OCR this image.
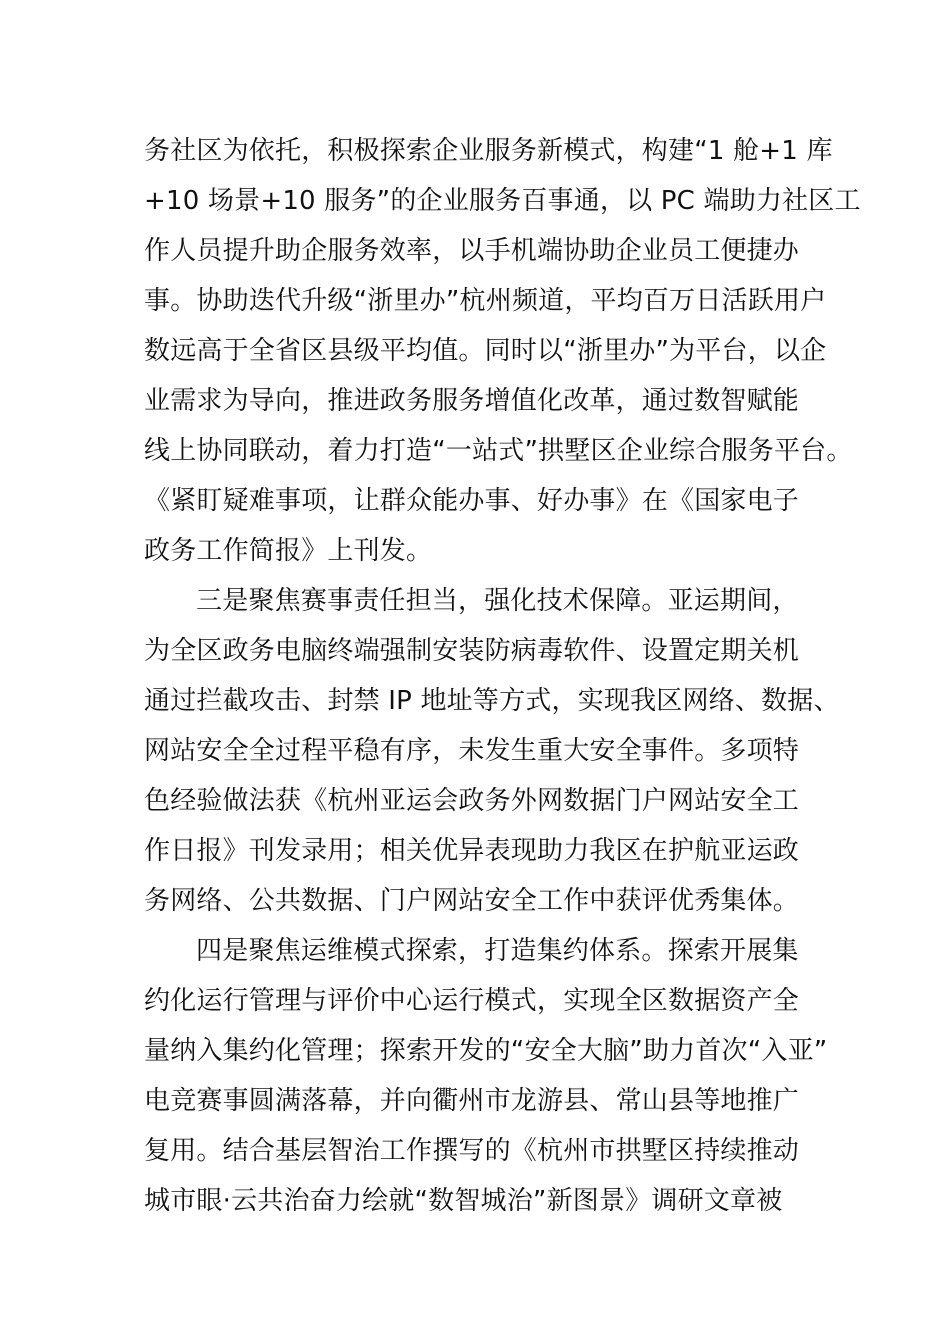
务社区为依托，积极探索企业服务新模式，构建“1 舱+1 库
+10 场景+10 服务”的企业服务百事通，以 PC 端助力社区工
作人员提升助企服务效率，以手机端协助企业员工便捷办
事。协助迭代升级“浙里办”杭州频道，平均百万日活跃用户
数远高于全省区县级平均值。同时以“浙里办”为平台，以企
业需求为导向，推进政务服务增值化改革，通过数智赋能
线上协同联动，着力打造“一站式”拱墅区企业综合服务平台。
《紧盯疑难事项，让群众能办事、好办事》在《国家电子
政务工作简报》上刊发。
三是聚焦赛事责任担当，强化技术保障。亚运期间，
为全区政务电脑终端强制安装防病毒软件、设置定期关机
通过拦截攻击、封禁 IP 地址等方式，实现我区网络、数据、
网站安全全过程平稳有序，未发生重大安全事件。多项特
色经验做法获《杭州亚运会政务外网数据门户网站安全工
作日报》刊发录用；相关优异表现助力我区在护航亚运政
务网络、公共数据、门户网站安全工作中获评优秀集体。
四是聚焦运维模式探索，打造集约体系。探索开展集
约化运行管理与评价中心运行模式，实现全区数据资产全
量纳入集约化管理；探索开发的“安全大脑”助力首次“入亚”
电竞赛事圆满落幕，并向衢州市龙游县、常山县等地推广
复用。结合基层智治工作撰写的《杭州市拱墅区持续推动
城市眼·云共治奋力绘就“数智城治”新图景》调研文章被
